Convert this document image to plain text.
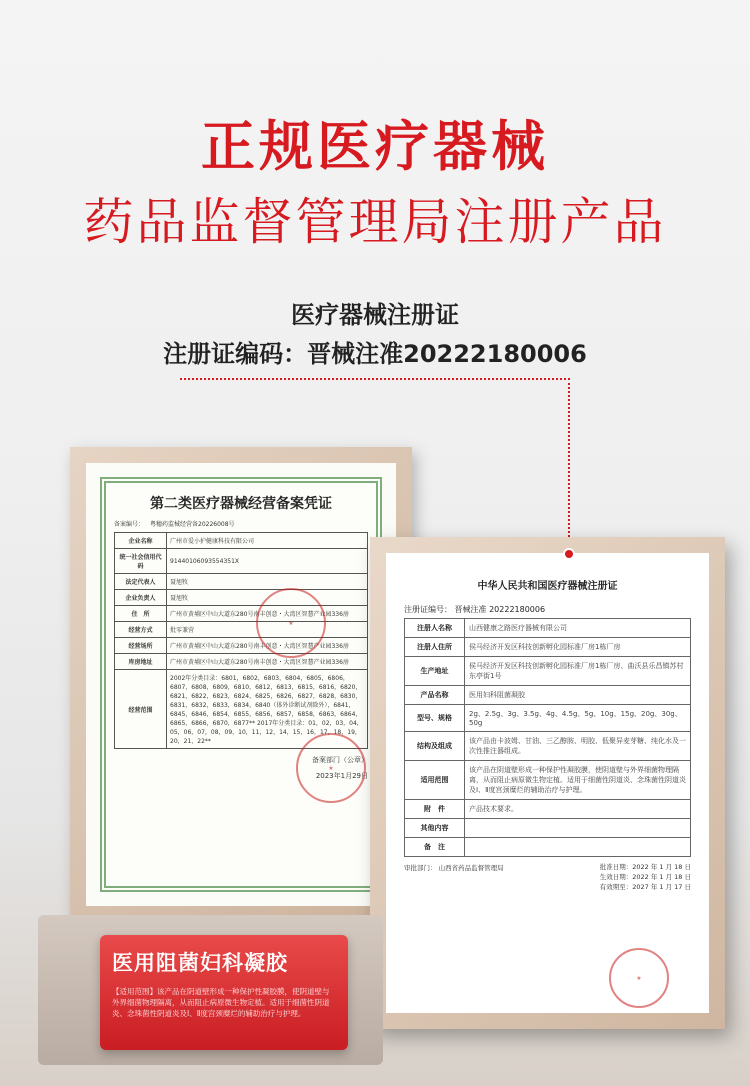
正规医疗器械
药品监督管理局注册产品
医疗器械注册证
注册证编码：晋械注准20222180006
第二类医疗器械经营备案凭证
备案编号： 粤穗药监械经营备20226008号
企业名称	广州市爱小护健康科技有限公司
统一社会信用代码	91440106093554351X
法定代表人	聂旭牧
企业负责人	聂旭牧
住　所	广州市黄埔区中山大道东280号南丰创意・大湾区智慧产业园336房
经营方式	批零兼营
经营场所	广州市黄埔区中山大道东280号南丰创意・大湾区智慧产业园336房
库房地址	广州市黄埔区中山大道东280号南丰创意・大湾区智慧产业园336房
经营范围	2002年分类目录：6801，6802，6803，6804，6805，6806，6807，6808，6809，6810，6812，6813，6815，6816，6820，6821，6822，6823，6824，6825，6826，6827，6828，6830，6831，6832，6833，6834，6840（体外诊断试剂除外），6841，6845，6846，6854，6855，6856，6857，6858，6863，6864，6865，6866，6870，6877** 2017年分类目录：01，02，03，04，05，06，07，08，09，10，11，12，14，15，16，17，18，19，20，21，22**
备案部门（公章）
2023年1月29日
★
★
中华人民共和国医疗器械注册证
注册证编号： 晋械注准 20222180006
注册人名称	山西健康之路医疗器械有限公司
注册人住所	侯马经济开发区科技创新孵化园标准厂房1栋厂房
生产地址	侯马经济开发区科技创新孵化园标准厂房1栋厂房、曲沃县乐昌镇苏村东亭街1号
产品名称	医用妇科阻菌凝胶
型号、规格	2g、2.5g、3g、3.5g、4g、4.5g、5g、10g、15g、20g、30g、50g
结构及组成	该产品由卡波姆、甘油、三乙醇胺、明胶、低聚异麦芽糖、纯化水及一次性推注器组成。
适用范围	该产品在阴道壁形成一种保护性凝胶膜，使阴道壁与外界细菌物理隔离，从而阻止病原微生物定植。适用于细菌性阴道炎、念珠菌性阴道炎及Ⅰ、Ⅱ度宫颈糜烂的辅助治疗与护理。
附　件	产品技术要求。
其他内容	
备　注	
审批部门： 山西省药品监督管理局	批准日期：2022 年 1 月 18 日
生效日期：2022 年 1 月 18 日
有效期至：2027 年 1 月 17 日
★
医用阻菌妇科凝胶
【适用范围】该产品在阴道壁形成一种保护性凝胶膜，使阴道壁与外界细菌物理隔离，从而阻止病原微生物定植。适用于细菌性阴道炎、念珠菌性阴道炎及Ⅰ、Ⅱ度宫颈糜烂的辅助治疗与护理。
